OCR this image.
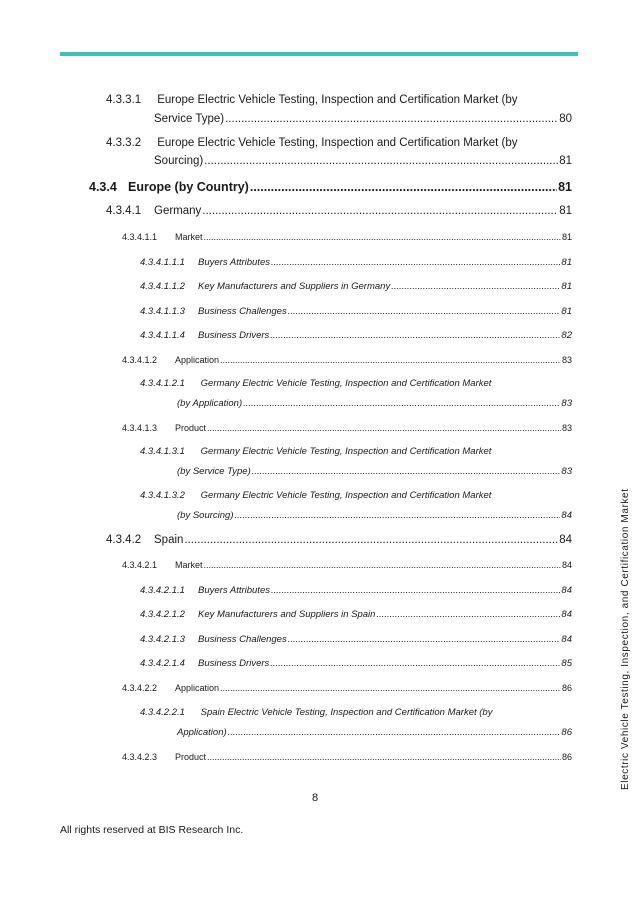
4.3.3.1 Europe Electric Vehicle Testing, Inspection and Certification Market (by
Service Type) .....	80
4.3.3.2 Europe Electric Vehicle Testing, Inspection and Certification Market (by
Sourcing) .....	81
4.3.4 Europe (by Country) .....	81
4.3.4.1	Germany .....	81
4.3.4.1.1	Market .....	81
4.3.4.1.1.1	Buyers Attributes .....	81
4.3.4.1.1.2	Key Manufacturers and Suppliers in Germany .....	81
4.3.4.1.1.3	Business Challenges .....	81
4.3.4.1.1.4	Business Drivers .....	82
4.3.4.1.2	Application .....	83
4.3.4.1.2.1 Germany Electric Vehicle Testing, Inspection and Certification Market
(by Application) .....	83
4.3.4.1.3	Product .....	83
4.3.4.1.3.1 Germany Electric Vehicle Testing, Inspection and Certification Market
(by Service Type) .....	83
4.3.4.1.3.2 Germany Electric Vehicle Testing, Inspection and Certification Market
(by Sourcing) .....	84
4.3.4.2	Spain .....	84
4.3.4.2.1	Market .....	84
4.3.4.2.1.1	Buyers Attributes .....	84
4.3.4.2.1.2	Key Manufacturers and Suppliers in Spain .....	84
4.3.4.2.1.3	Business Challenges .....	84
4.3.4.2.1.4	Business Drivers .....	85
4.3.4.2.2	Application .....	86
4.3.4.2.2.1 Spain Electric Vehicle Testing, Inspection and Certification Market (by
Application) .....	86
4.3.4.2.3	Product .....	86	Electric Vehicle Testing, Inspection, and Certification Market
8
All rights reserved at BIS Research Inc.
